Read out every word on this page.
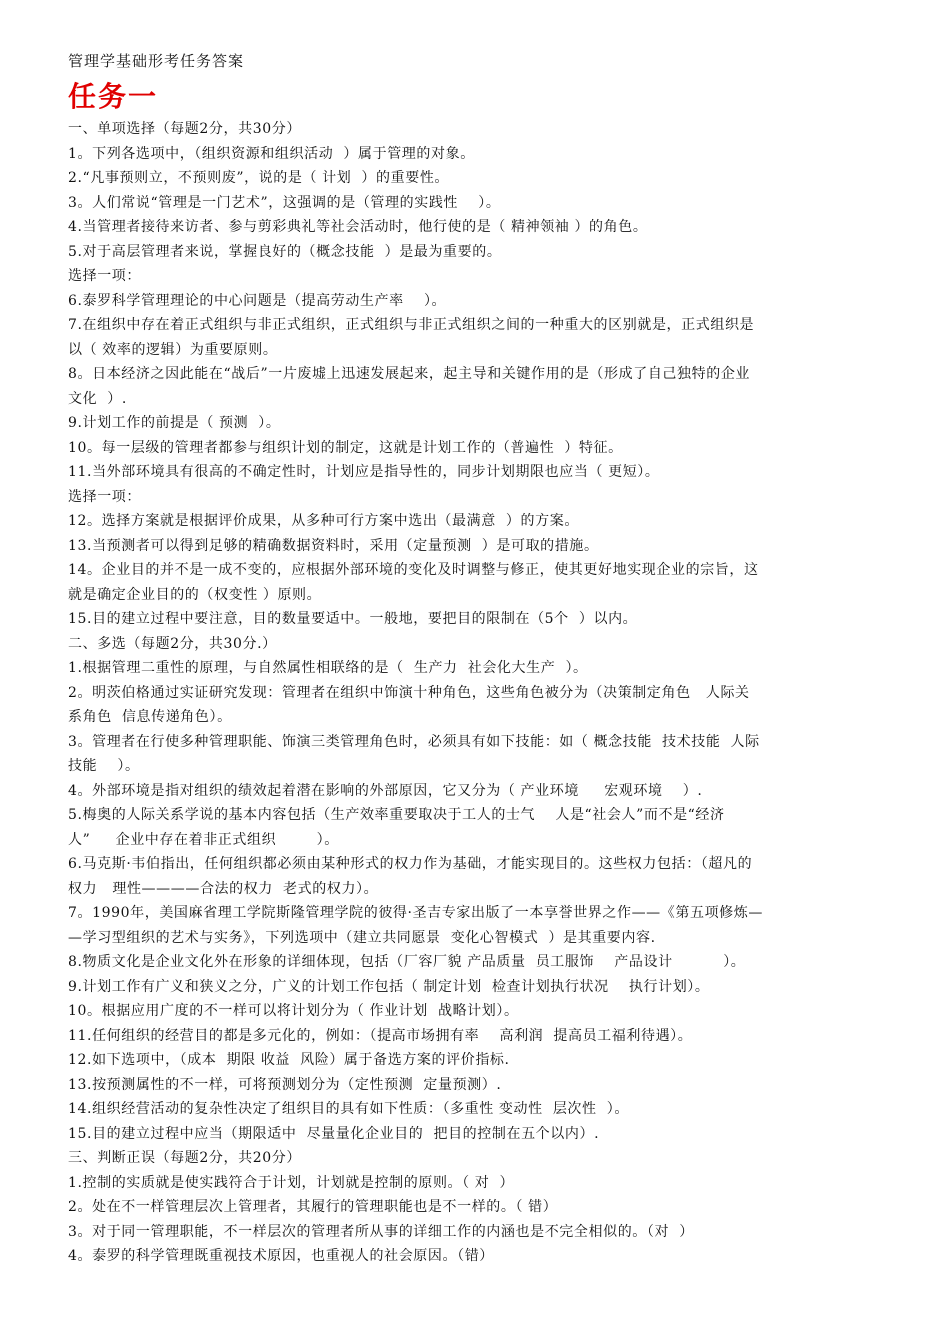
管理学基础形考任务答案
任务一
一、单项选择（每题2分，共30分）
1。下列各选项中，（组织资源和组织活动  ）属于管理的对象。
2.“凡事预则立，不预则废”，说的是（ 计划  ）的重要性。
3。人们常说“管理是一门艺术”，这强调的是（管理的实践性    ）。
4.当管理者接待来访者、参与剪彩典礼等社会活动时，他行使的是（ 精神领袖 ）的角色。
5.对于高层管理者来说，掌握良好的（概念技能  ）是最为重要的。
选择一项：
6.泰罗科学管理理论的中心问题是（提高劳动生产率    ）。
7.在组织中存在着正式组织与非正式组织，正式组织与非正式组织之间的一种重大的区别就是，正式组织是
以（ 效率的逻辑）为重要原则。
8。日本经济之因此能在“战后”一片废墟上迅速发展起来，起主导和关键作用的是（形成了自己独特的企业
文化  ）.
9.计划工作的前提是（ 预测  ）。
10。每一层级的管理者都参与组织计划的制定，这就是计划工作的（普遍性  ）特征。
11.当外部环境具有很高的不确定性时，计划应是指导性的，同步计划期限也应当（ 更短）。
选择一项：
12。选择方案就是根据评价成果，从多种可行方案中选出（最满意  ）的方案。
13.当预测者可以得到足够的精确数据资料时，采用（定量预测  ）是可取的措施。
14。企业目的并不是一成不变的，应根据外部环境的变化及时调整与修正，使其更好地实现企业的宗旨，这
就是确定企业目的的（权变性 ）原则。
15.目的建立过程中要注意，目的数量要适中。一般地，要把目的限制在（5个  ）以内。
二、多选（每题2分，共30分.）
1.根据管理二重性的原理，与自然属性相联络的是（  生产力  社会化大生产  ）。
2。明茨伯格通过实证研究发现：管理者在组织中饰演十种角色，这些角色被分为（决策制定角色   人际关
系角色  信息传递角色）。
3。管理者在行使多种管理职能、饰演三类管理角色时，必须具有如下技能：如（ 概念技能  技术技能  人际
技能    ）。
4。外部环境是指对组织的绩效起着潜在影响的外部原因，它又分为（ 产业环境     宏观环境    ）.
5.梅奥的人际关系学说的基本内容包括（生产效率重要取决于工人的士气    人是“社会人”而不是“经济
人”     企业中存在着非正式组织        ）。
6.马克斯·韦伯指出，任何组织都必须由某种形式的权力作为基础，才能实现目的。这些权力包括：（超凡的
权力   理性————合法的权力  老式的权力）。
7。1990年，美国麻省理工学院斯隆管理学院的彼得·圣吉专家出版了一本享誉世界之作——《第五项修炼—
—学习型组织的艺术与实务》，下列选项中（建立共同愿景  变化心智模式  ）是其重要内容.
8.物质文化是企业文化外在形象的详细体现，包括（厂容厂貌 产品质量  员工服饰    产品设计          ）。
9.计划工作有广义和狭义之分，广义的计划工作包括（ 制定计划  检查计划执行状况    执行计划）。
10。根据应用广度的不一样可以将计划分为（ 作业计划  战略计划）。
11.任何组织的经营目的都是多元化的，例如：（提高市场拥有率    高利润  提高员工福利待遇）。
12.如下选项中，（成本  期限 收益  风险）属于备选方案的评价指标.
13.按预测属性的不一样，可将预测划分为（定性预测  定量预测）.
14.组织经营活动的复杂性决定了组织目的具有如下性质：（多重性 变动性  层次性  ）。
15.目的建立过程中应当（期限适中  尽量量化企业目的  把目的控制在五个以内）.
三、判断正误（每题2分，共20分）
1.控制的实质就是使实践符合于计划，计划就是控制的原则。（ 对  ）
2。处在不一样管理层次上管理者，其履行的管理职能也是不一样的。（ 错）
3。对于同一管理职能，不一样层次的管理者所从事的详细工作的内涵也是不完全相似的。（对  ）
4。泰罗的科学管理既重视技术原因，也重视人的社会原因。（错）
